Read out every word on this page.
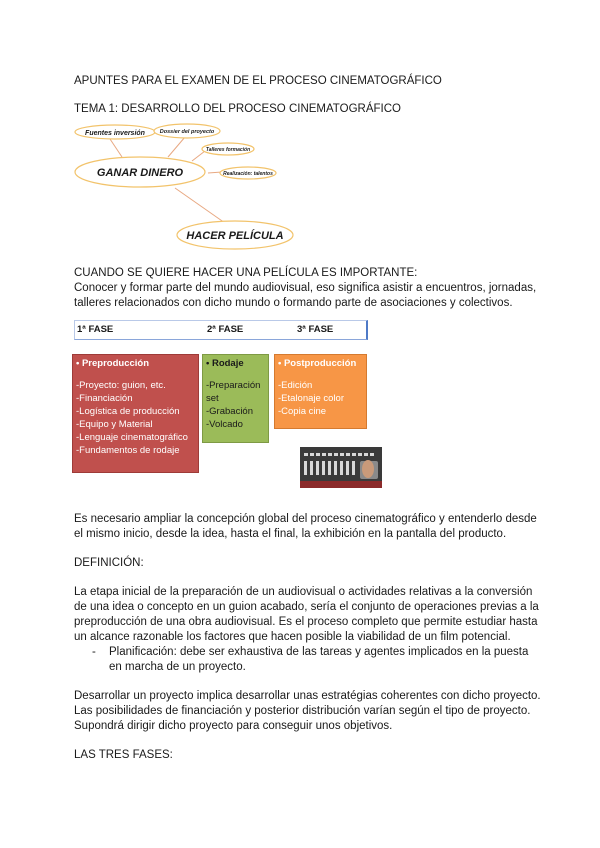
APUNTES PARA EL EXAMEN DE EL PROCESO CINEMATOGRÁFICO
TEMA 1: DESARROLLO DEL PROCESO CINEMATOGRÁFICO
Fuentes inversión	Dossier del proyecto
Talleres formación
GANAR DINERO	Realización: talentos
HACER PELÍCULA
CUANDO SE QUIERE HACER UNA PELÍCULA ES IMPORTANTE:
Conocer y formar parte del mundo audiovisual, eso significa asistir a encuentros, jornadas,
talleres relacionados con dicho mundo o formando parte de asociaciones y colectivos.
1ª FASE	2ª FASE	3ª FASE
• Preproducción
-Proyecto: guion, etc.
-Financiación
-Logística de producción
-Equipo y Material
-Lenguaje cinematográfico
-Fundamentos de rodaje
• Rodaje
-Preparación
set
-Grabación
-Volcado
• Postproducción
-Edición
-Etalonaje color
-Copia cine
Es necesario ampliar la concepción global del proceso cinematográfico y entenderlo desde
el mismo inicio, desde la idea, hasta el final, la exhibición en la pantalla del producto.
DEFINICIÓN:
La etapa inicial de la preparación de un audiovisual o actividades relativas a la conversión
de una idea o concepto en un guion acabado, sería el conjunto de operaciones previas a la
preproducción de una obra audiovisual. Es el proceso completo que permite estudiar hasta
un alcance razonable los factores que hacen posible la viabilidad de un film potencial.
- Planificación: debe ser exhaustiva de las tareas y agentes implicados en la puesta
en marcha de un proyecto.
Desarrollar un proyecto implica desarrollar unas estratégias coherentes con dicho proyecto.
Las posibilidades de financiación y posterior distribución varían según el tipo de proyecto.
Supondrá dirigir dicho proyecto para conseguir unos objetivos.
LAS TRES FASES:
